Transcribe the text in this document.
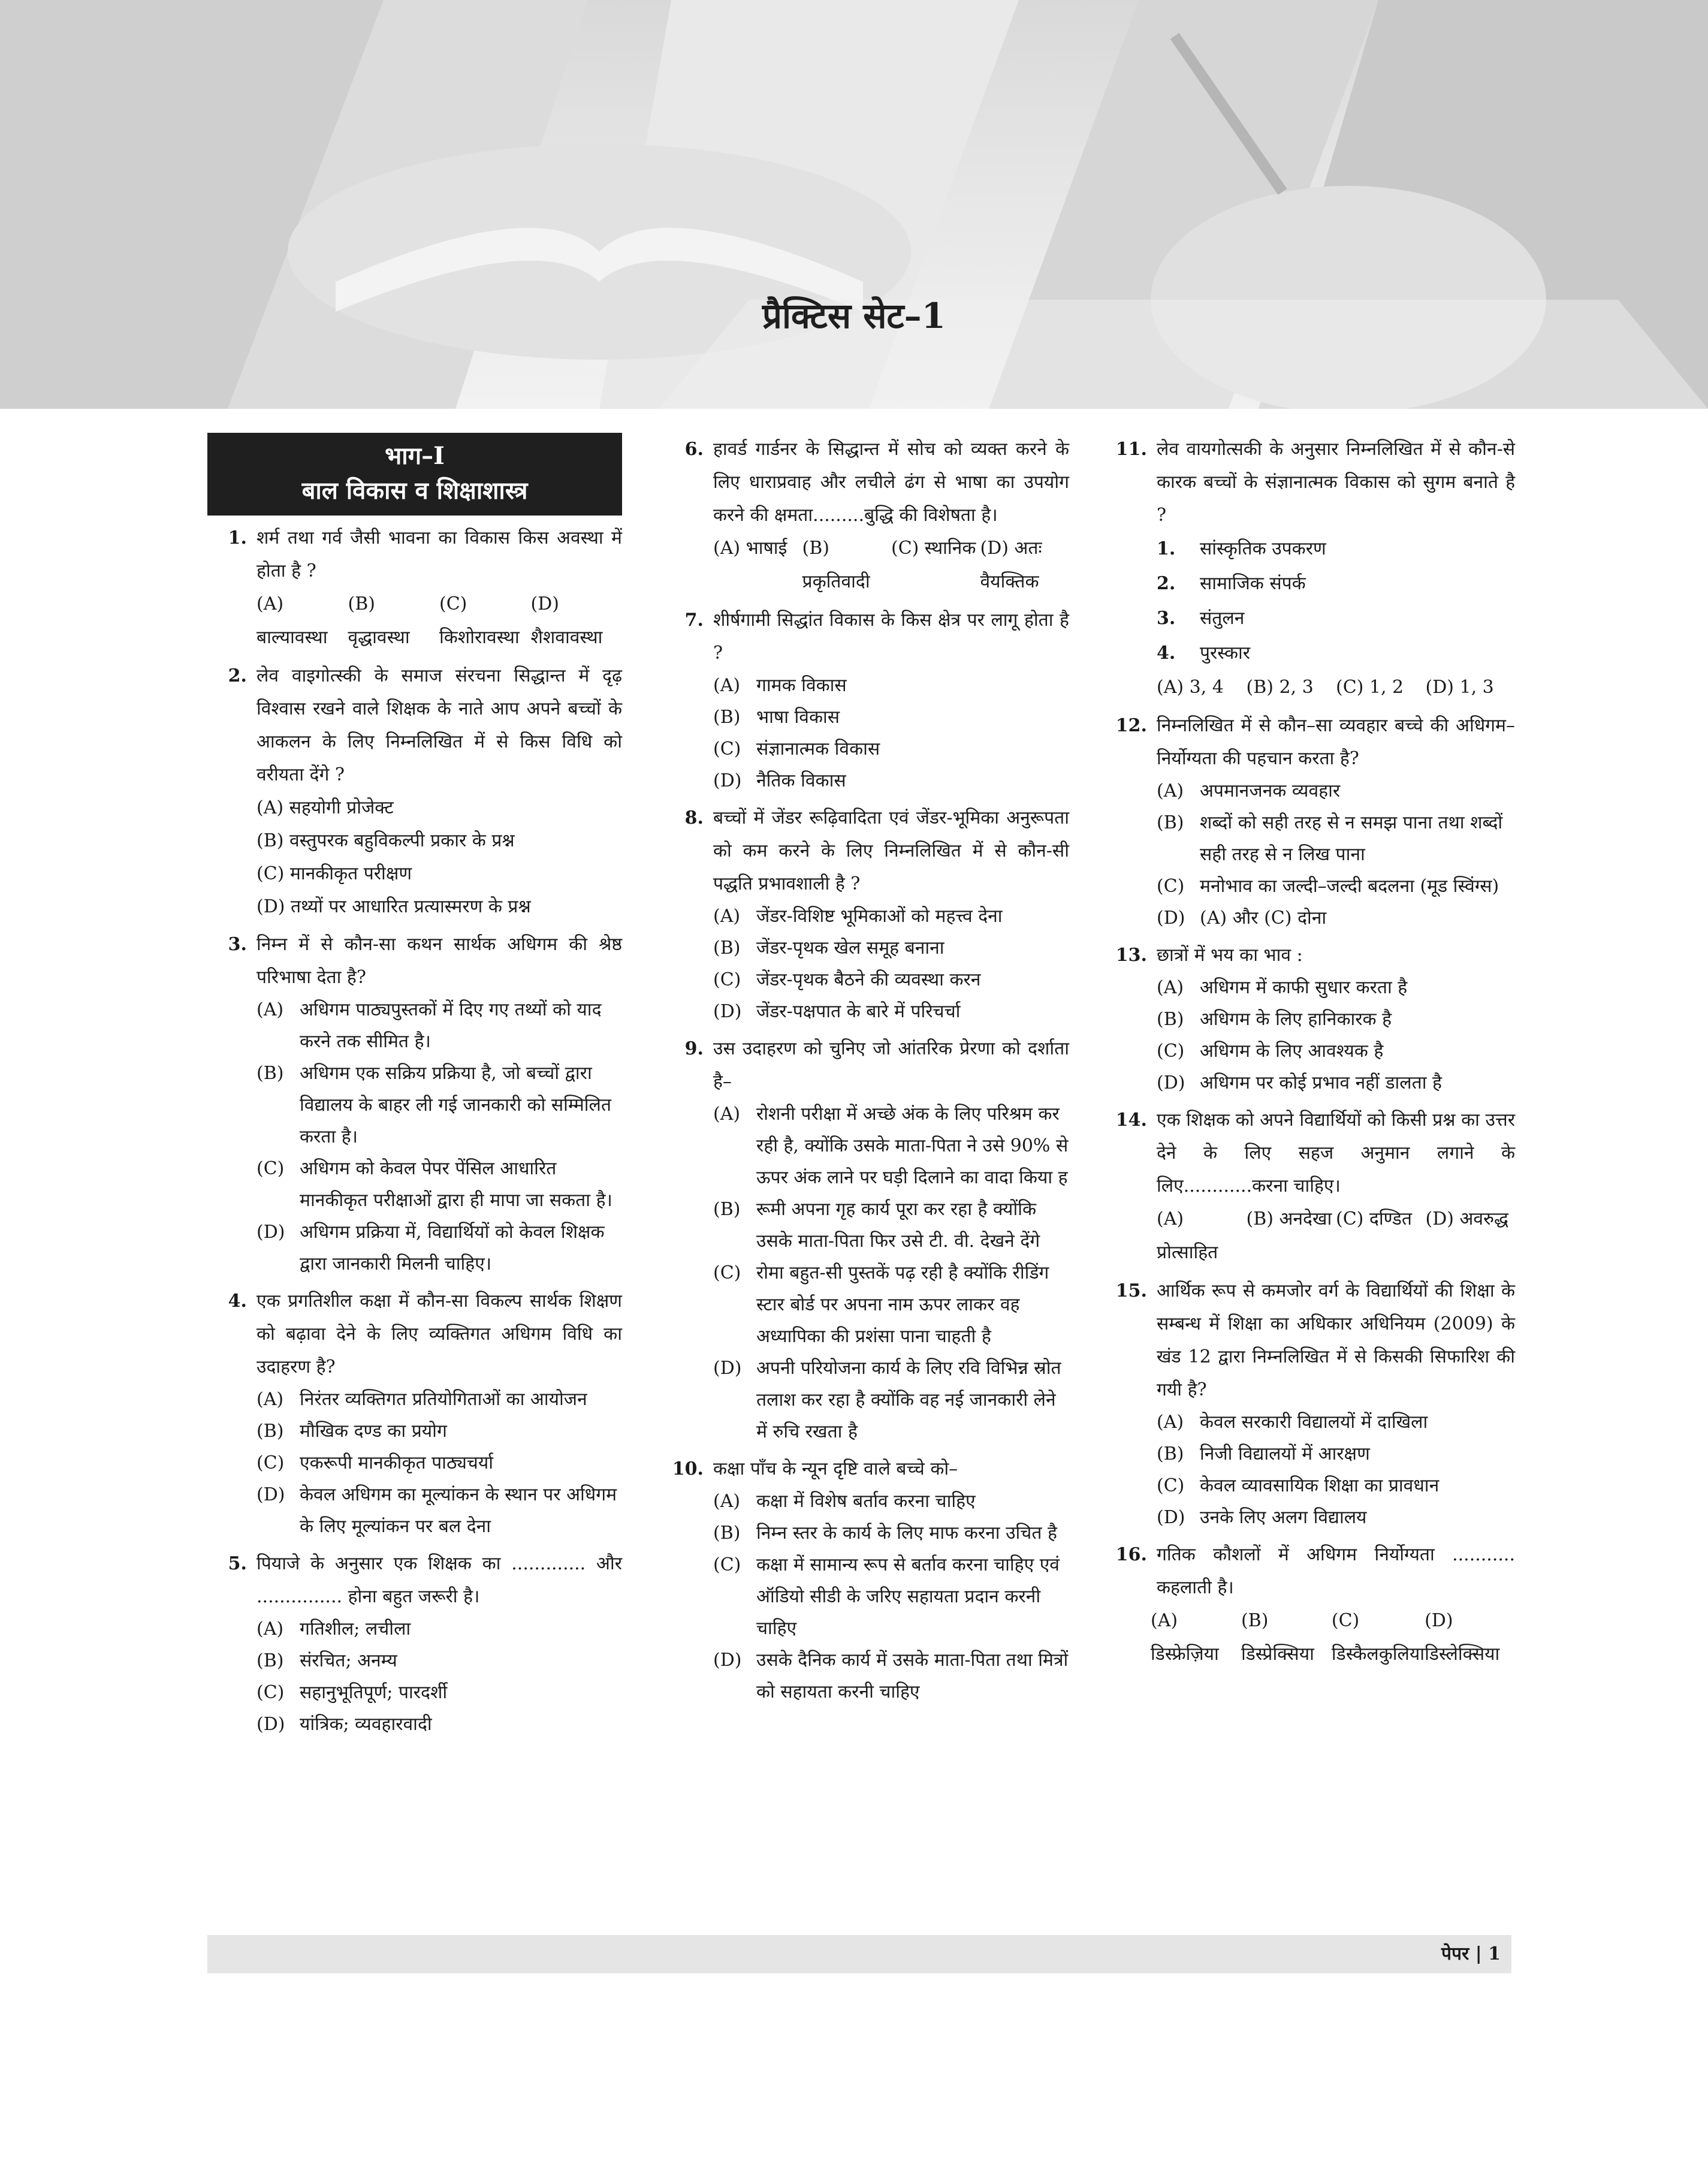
प्रैक्टिस सेट–1
भाग–I
बाल विकास व शिक्षाशास्त्र
1. शर्म तथा गर्व जैसी भावना का विकास किस अवस्था में होता है ?
(A) बाल्यावस्था
(B) वृद्धावस्था
(C) किशोरावस्था
(D) शैशवावस्था
2. लेव वाइगोत्स्की के समाज संरचना सिद्धान्त में दृढ़ विश्वास रखने वाले शिक्षक के नाते आप अपने बच्चों के आकलन के लिए निम्नलिखित में से किस विधि को वरीयता देंगे ?
(A) सहयोगी प्रोजेक्ट
(B) वस्तुपरक बहुविकल्पी प्रकार के प्रश्न
(C) मानकीकृत परीक्षण
(D) तथ्यों पर आधारित प्रत्यास्मरण के प्रश्न
3. निम्न में से कौन-सा कथन सार्थक अधिगम की श्रेष्ठ परिभाषा देता है?
(A) अधिगम पाठ्यपुस्तकों में दिए गए तथ्यों को याद करने तक सीमित है।
(B) अधिगम एक सक्रिय प्रक्रिया है, जो बच्चों द्वारा विद्यालय के बाहर ली गई जानकारी को सम्मिलित करता है।
(C) अधिगम को केवल पेपर पेंसिल आधारित मानकीकृत परीक्षाओं द्वारा ही मापा जा सकता है।
(D) अधिगम प्रक्रिया में, विद्यार्थियों को केवल शिक्षक द्वारा जानकारी मिलनी चाहिए।
4. एक प्रगतिशील कक्षा में कौन-सा विकल्प सार्थक शिक्षण को बढ़ावा देने के लिए व्यक्तिगत अधिगम विधि का उदाहरण है?
(A) निरंतर व्यक्तिगत प्रतियोगिताओं का आयोजन
(B) मौखिक दण्ड का प्रयोग
(C) एकरूपी मानकीकृत पाठ्यचर्या
(D) केवल अधिगम का मूल्यांकन के स्थान पर अधिगम के लिए मूल्यांकन पर बल देना
5. पियाजे के अनुसार एक शिक्षक का ............. और ............... होना बहुत जरूरी है।
(A) गतिशील; लचीला
(B) संरचित; अनम्य
(C) सहानुभूतिपूर्ण; पारदर्शी
(D) यांत्रिक; व्यवहारवादी
6. हावर्ड गार्डनर के सिद्धान्त में सोच को व्यक्त करने के लिए धाराप्रवाह और लचीले ढंग से भाषा का उपयोग करने की क्षमता.........बुद्धि की विशेषता है।
(A) भाषाई (B) प्रकृतिवादी
(C) स्थानिक (D) अतः वैयक्तिक
7. शीर्षगामी सिद्धांत विकास के किस क्षेत्र पर लागू होता है ?
(A) गामक विकास
(B) भाषा विकास
(C) संज्ञानात्मक विकास
(D) नैतिक विकास
8. बच्चों में जेंडर रूढ़िवादिता एवं जेंडर-भूमिका अनुरूपता को कम करने के लिए निम्नलिखित में से कौन-सी पद्धति प्रभावशाली है ?
(A) जेंडर-विशिष्ट भूमिकाओं को महत्त्व देना
(B) जेंडर-पृथक खेल समूह बनाना
(C) जेंडर-पृथक बैठने की व्यवस्था करन
(D) जेंडर-पक्षपात के बारे में परिचर्चा
9. उस उदाहरण को चुनिए जो आंतरिक प्रेरणा को दर्शाता है–
(A) रोशनी परीक्षा में अच्छे अंक के लिए परिश्रम कर रही है, क्योंकि उसके माता-पिता ने उसे 90% से ऊपर अंक लाने पर घड़ी दिलाने का वादा किया ह
(B) रूमी अपना गृह कार्य पूरा कर रहा है क्योंकि उसके माता-पिता फिर उसे टी. वी. देखने देंगे
(C) रोमा बहुत-सी पुस्तकें पढ़ रही है क्योंकि रीडिंग स्टार बोर्ड पर अपना नाम ऊपर लाकर वह अध्यापिका की प्रशंसा पाना चाहती है
(D) अपनी परियोजना कार्य के लिए रवि विभिन्न स्रोत तलाश कर रहा है क्योंकि वह नई जानकारी लेने में रुचि रखता है
10. कक्षा पाँच के न्यून दृष्टि वाले बच्चे को–
(A) कक्षा में विशेष बर्ताव करना चाहिए
(B) निम्न स्तर के कार्य के लिए माफ करना उचित है
(C) कक्षा में सामान्य रूप से बर्ताव करना चाहिए एवं ऑडियो सीडी के जरिए सहायता प्रदान करनी चाहिए
(D) उसके दैनिक कार्य में उसके माता-पिता तथा मित्रों को सहायता करनी चाहिए
11. लेव वायगोत्सकी के अनुसार निम्नलिखित में से कौन-से कारक बच्चों के संज्ञानात्मक विकास को सुगम बनाते है ?
1. सांस्कृतिक उपकरण
2. सामाजिक संपर्क
3. संतुलन
4. पुरस्कार
(A) 3, 4	(B) 2, 3	(C) 1, 2	(D) 1, 3
12. निम्नलिखित में से कौन–सा व्यवहार बच्चे की अधिगम–निर्योग्यता की पहचान करता है?
(A) अपमानजनक व्यवहार
(B) शब्दों को सही तरह से न समझ पाना तथा शब्दों सही तरह से न लिख पाना
(C) मनोभाव का जल्दी–जल्दी बदलना (मूड स्विंग्स)
(D) (A) और (C) दोना
13. छात्रों में भय का भाव :
(A) अधिगम में काफी सुधार करता है
(B) अधिगम के लिए हानिकारक है
(C) अधिगम के लिए आवश्यक है
(D) अधिगम पर कोई प्रभाव नहीं डालता है
14. एक शिक्षक को अपने विद्यार्थियों को किसी प्रश्न का उत्तर देने के लिए सहज अनुमान लगाने के लिए............करना चाहिए।
(A) प्रोत्साहित
(B) अनदेखा (C) दण्डित (D) अवरुद्ध
15. आर्थिक रूप से कमजोर वर्ग के विद्यार्थियों की शिक्षा के सम्बन्ध में शिक्षा का अधिकार अधिनियम (2009) के खंड 12 द्वारा निम्नलिखित में से किसकी सिफारिश की गयी है?
(A) केवल सरकारी विद्यालयों में दाखिला
(B) निजी विद्यालयों में आरक्षण
(C) केवल व्यावसायिक शिक्षा का प्रावधान
(D) उनके लिए अलग विद्यालय
16. गतिक कौशलों में अधिगम निर्योग्यता ........... कहलाती है।
(A) डिस्फ्रेज़िया
(B) डिस्प्रेक्सिया
(C) डिस्कैलकुलिया
(D) डिस्लेक्सिया
पेपर | 1
